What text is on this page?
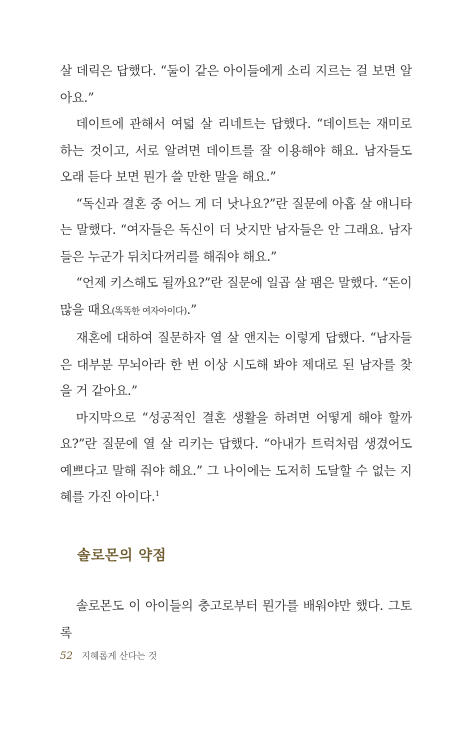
살 데릭은 답했다. “둘이 같은 아이들에게 소리 지르는 걸 보면 알아요.”

데이트에 관해서 여덟 살 리네트는 답했다. “데이트는 재미로 하는 것이고, 서로 알려면 데이트를 잘 이용해야 해요. 남자들도 오래 듣다 보면 뭔가 쓸 만한 말을 해요.”

“독신과 결혼 중 어느 게 더 낫나요?”란 질문에 아홉 살 애니타는 말했다. “여자들은 독신이 더 낫지만 남자들은 안 그래요. 남자들은 누군가 뒤치다꺼리를 해줘야 해요.”

“언제 키스해도 될까요?”란 질문에 일곱 살 팸은 말했다. “돈이 많을 때요(똑똑한 여자아이다).”

재혼에 대하여 질문하자 열 살 앤지는 이렇게 답했다. “남자들은 대부분 무뇌아라 한 번 이상 시도해 봐야 제대로 된 남자를 찾을 거 같아요.”

마지막으로 “성공적인 결혼 생활을 하려면 어떻게 해야 할까요?”란 질문에 열 살 리키는 답했다. “아내가 트럭처럼 생겼어도 예쁘다고 말해 줘야 해요.” 그 나이에는 도저히 도달할 수 없는 지혜를 가진 아이다.$^1$

솔로몬의 약점

솔로몬도 이 아이들의 충고로부터 뭔가를 배워야만 했다. 그토록

52 지혜롭게 산다는 것
